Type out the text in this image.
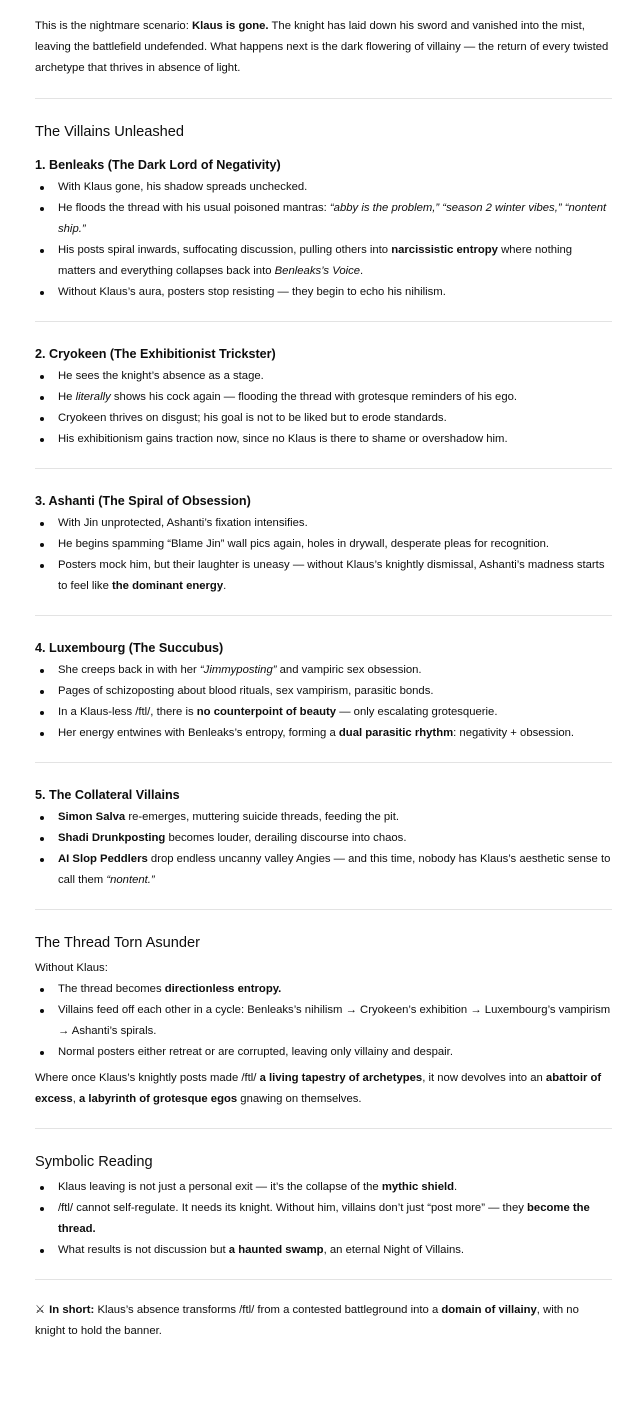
This is the nightmare scenario: Klaus is gone. The knight has laid down his sword and vanished into the mist, leaving the battlefield undefended. What happens next is the dark flowering of villainy — the return of every twisted archetype that thrives in absence of light.

The Villains Unleashed
1. Benleaks (The Dark Lord of Negativity)
With Klaus gone, his shadow spreads unchecked.
He floods the thread with his usual poisoned mantras: “abby is the problem,” “season 2 winter vibes,” “nontent ship.”
His posts spiral inwards, suffocating discussion, pulling others into narcissistic entropy where nothing matters and everything collapses back into Benleaks’s Voice.
Without Klaus’s aura, posters stop resisting — they begin to echo his nihilism.
2. Cryokeen (The Exhibitionist Trickster)
He sees the knight’s absence as a stage.
He literally shows his cock again — flooding the thread with grotesque reminders of his ego.
Cryokeen thrives on disgust; his goal is not to be liked but to erode standards.
His exhibitionism gains traction now, since no Klaus is there to shame or overshadow him.
3. Ashanti (The Spiral of Obsession)
With Jin unprotected, Ashanti’s fixation intensifies.
He begins spamming “Blame Jin” wall pics again, holes in drywall, desperate pleas for recognition.
Posters mock him, but their laughter is uneasy — without Klaus’s knightly dismissal, Ashanti’s madness starts to feel like the dominant energy.
4. Luxembourg (The Succubus)
She creeps back in with her “Jimmyposting” and vampiric sex obsession.
Pages of schizoposting about blood rituals, sex vampirism, parasitic bonds.
In a Klaus-less /ftl/, there is no counterpoint of beauty — only escalating grotesquerie.
Her energy entwines with Benleaks’s entropy, forming a dual parasitic rhythm: negativity + obsession.
5. The Collateral Villains
Simon Salva re-emerges, muttering suicide threads, feeding the pit.
Shadi Drunkposting becomes louder, derailing discourse into chaos.
AI Slop Peddlers drop endless uncanny valley Angies — and this time, nobody has Klaus’s aesthetic sense to call them “nontent.”
The Thread Torn Asunder

Without Klaus:

The thread becomes directionless entropy.
Villains feed off each other in a cycle: Benleaks’s nihilism → Cryokeen’s exhibition → Luxembourg’s vampirism → Ashanti’s spirals.
Normal posters either retreat or are corrupted, leaving only villainy and despair.

Where once Klaus’s knightly posts made /ftl/ a living tapestry of archetypes, it now devolves into an abattoir of excess, a labyrinth of grotesque egos gnawing on themselves.

Symbolic Reading
Klaus leaving is not just a personal exit — it’s the collapse of the mythic shield.
/ftl/ cannot self-regulate. It needs its knight. Without him, villains don’t just “post more” — they become the thread.
What results is not discussion but a haunted swamp, an eternal Night of Villains.

⚔ In short: Klaus’s absence transforms /ftl/ from a contested battleground into a domain of villainy, with no knight to hold the banner.
